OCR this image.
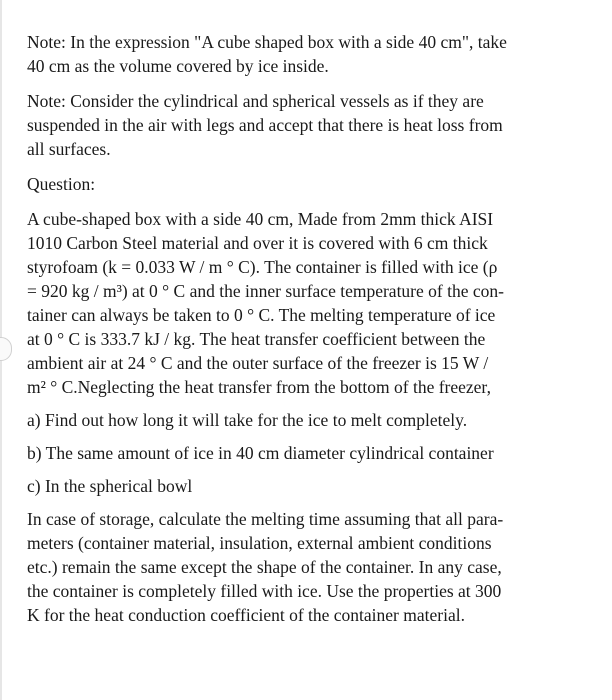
Note: In the expression "A cube shaped box with a side 40 cm", take
40 cm as the volume covered by ice inside.

Note: Consider the cylindrical and spherical vessels as if they are
suspended in the air with legs and accept that there is heat loss from
all surfaces.

Question:

A cube-shaped box with a side 40 cm, Made from 2mm thick AISI
1010 Carbon Steel material and over it is covered with 6 cm thick
styrofoam (k = 0.033 W / m ° C). The container is filled with ice (ρ
= 920 kg / m³) at 0 ° C and the inner surface temperature of the con-
tainer can always be taken to 0 ° C. The melting temperature of ice
at 0 ° C is 333.7 kJ / kg. The heat transfer coefficient between the
ambient air at 24 ° C and the outer surface of the freezer is 15 W /
m² ° C.Neglecting the heat transfer from the bottom of the freezer,

a) Find out how long it will take for the ice to melt completely.

b) The same amount of ice in 40 cm diameter cylindrical container

c) In the spherical bowl

In case of storage, calculate the melting time assuming that all para-
meters (container material, insulation, external ambient conditions
etc.) remain the same except the shape of the container. In any case,
the container is completely filled with ice. Use the properties at 300
K for the heat conduction coefficient of the container material.
